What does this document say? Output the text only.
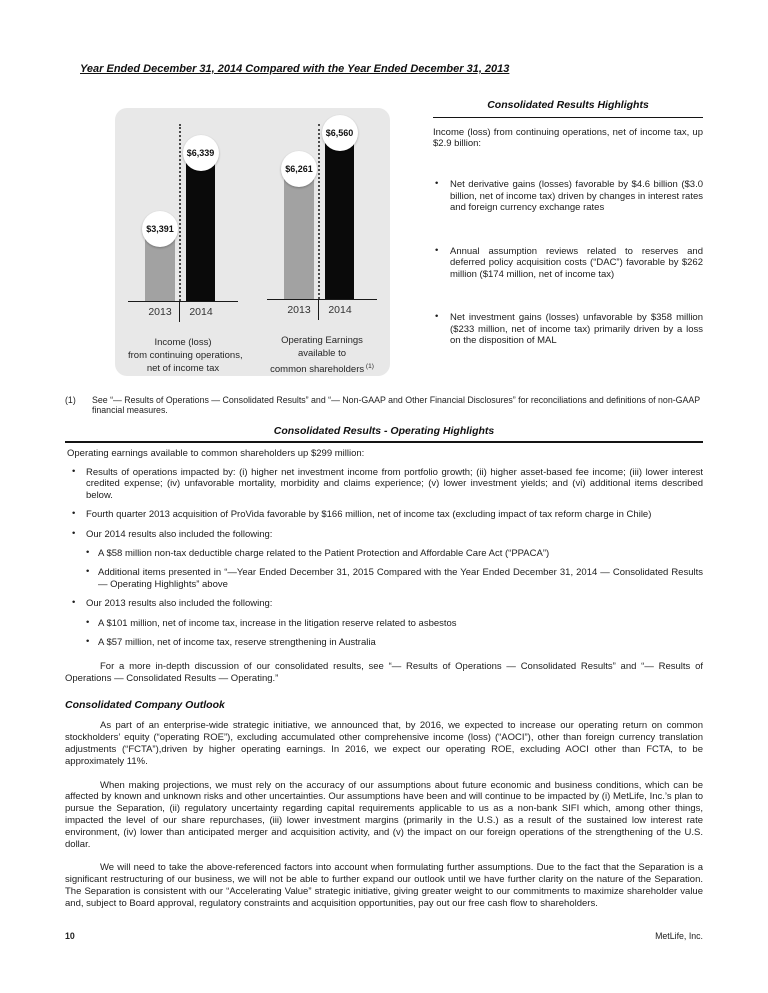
Year Ended December 31, 2014 Compared with the Year Ended December 31, 2013
$3,391
$6,339
2013 2014
Income (loss)
from continuing operations,
net of income tax
$6,261
$6,560
2013 2014
Operating Earnings
available to
common shareholders $^{(1)}$
Consolidated Results Highlights

Income (loss) from continuing operations, net of income tax, up $2.9 billion:

• Net derivative gains (losses) favorable by $4.6 billion ($3.0 billion, net of income tax) driven by changes in interest rates and foreign currency exchange rates
• Annual assumption reviews related to reserves and deferred policy acquisition costs (“DAC”) favorable by $262 million ($174 million, net of income tax)
• Net investment gains (losses) unfavorable by $358 million ($233 million, net of income tax) primarily driven by a loss on the disposition of MAL
(1)	See “— Results of Operations — Consolidated Results” and “— Non-GAAP and Other Financial Disclosures” for reconciliations and definitions of non-GAAP financial measures.
Consolidated Results - Operating Highlights

Operating earnings available to common shareholders up $299 million:

• Results of operations impacted by: (i) higher net investment income from portfolio growth; (ii) higher asset-based fee income; (iii) lower interest credited expense; (iv) unfavorable mortality, morbidity and claims experience; (v) lower investment yields; and (vi) additional items described below.
• Fourth quarter 2013 acquisition of ProVida favorable by $166 million, net of income tax (excluding impact of tax reform charge in Chile)
• Our 2014 results also included the following:
• A $58 million non-tax deductible charge related to the Patient Protection and Affordable Care Act (“PPACA”)
• Additional items presented in “—Year Ended December 31, 2015 Compared with the Year Ended December 31, 2014 — Consolidated Results — Operating Highlights” above
• Our 2013 results also included the following:
• A $101 million, net of income tax, increase in the litigation reserve related to asbestos
• A $57 million, net of income tax, reserve strengthening in Australia

For a more in-depth discussion of our consolidated results, see “— Results of Operations — Consolidated Results” and “— Results of Operations — Consolidated Results — Operating.”

Consolidated Company Outlook

As part of an enterprise-wide strategic initiative, we announced that, by 2016, we expected to increase our operating return on common stockholders’ equity (“operating ROE”), excluding accumulated other comprehensive income (loss) (“AOCI”), other than foreign currency translation adjustments (“FCTA”),driven by higher operating earnings. In 2016, we expect our operating ROE, excluding AOCI other than FCTA, to be approximately 11%.

When making projections, we must rely on the accuracy of our assumptions about future economic and business conditions, which can be affected by known and unknown risks and other uncertainties. Our assumptions have been and will continue to be impacted by (i) MetLife, Inc.’s plan to pursue the Separation, (ii) regulatory uncertainty regarding capital requirements applicable to us as a non-bank SIFI which, among other things, impacted the level of our share repurchases, (iii) lower investment margins (primarily in the U.S.) as a result of the sustained low interest rate environment, (iv) lower than anticipated merger and acquisition activity, and (v) the impact on our foreign operations of the strengthening of the U.S. dollar.

We will need to take the above-referenced factors into account when formulating further assumptions. Due to the fact that the Separation is a significant restructuring of our business, we will not be able to further expand our outlook until we have further clarity on the nature of the Separation. The Separation is consistent with our “Accelerating Value” strategic initiative, giving greater weight to our commitments to maximize shareholder value and, subject to Board approval, regulatory constraints and acquisition opportunities, pay out our free cash flow to shareholders.

10	MetLife, Inc.
